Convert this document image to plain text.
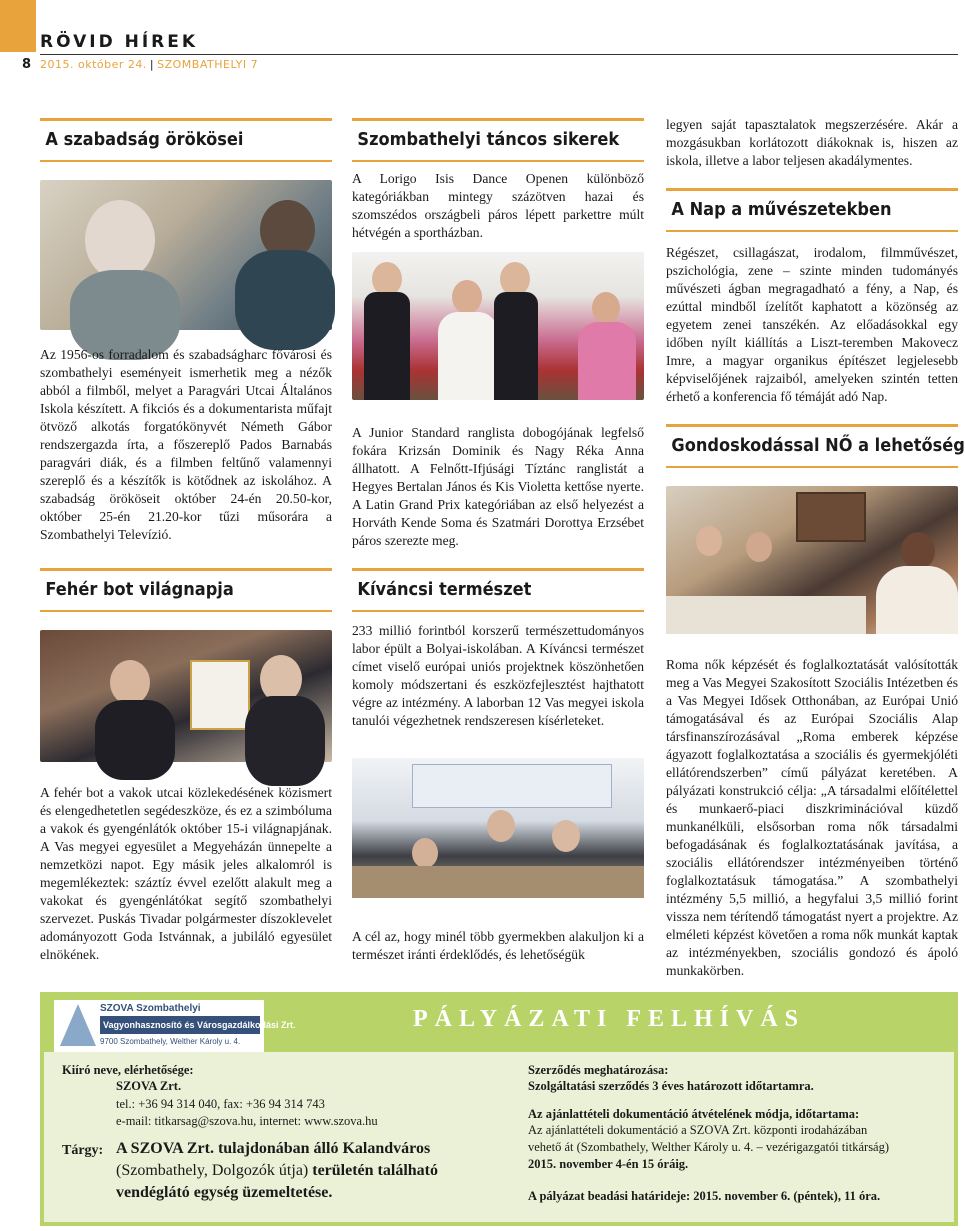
RÖVID HÍREK
8 2015. október 24. | SZOMBATHELYI 7
A szabadság örökösei
Az 1956-os forradalom és szabadságharc fővárosi és szombathelyi eseményeit ismerhetik meg a nézők abból a filmből, melyet a Paragvári Utcai Általános Iskola készített. A fikciós és a dokumentarista műfajt ötvöző alkotás forgatókönyvét Németh Gábor rendszergazda írta, a főszereplő Pados Barnabás paragvári diák, és a filmben feltűnő valamennyi szereplő és a készítők is kötődnek az iskolához. A szabadság örököseit október 24-én 20.50-kor, október 25-én 21.20-kor tűzi műsorára a Szombathelyi Televízió.
Fehér bot világnapja
A fehér bot a vakok utcai közlekedésének közismert és elengedhetetlen segédeszköze, és ez a szimbóluma a vakok és gyengénlátók október 15-i világnapjának. A Vas megyei egyesület a Megyeházán ünnepelte a nemzetközi napot. Egy másik jeles alkalomról is megemlékeztek: száztíz évvel ezelőtt alakult meg a vakokat és gyengénlátókat segítő szombathelyi szervezet. Puskás Tivadar polgármester díszoklevelet adományozott Goda Istvánnak, a jubiláló egyesület elnökének.
Szombathelyi táncos sikerek
A Lorigo Isis Dance Openen különböző kategóriákban mintegy százötven hazai és szomszédos országbeli páros lépett parkettre múlt hétvégén a sportházban.
A Junior Standard ranglista dobogójának legfelső fokára Krizsán Dominik és Nagy Réka Anna állhatott. A Felnőtt-Ifjúsági Tíztánc ranglistát a Hegyes Bertalan János és Kis Violetta kettőse nyerte. A Latin Grand Prix kategóriában az első helyezést a Horváth Kende Soma és Szatmári Dorottya Erzsébet páros szerezte meg.
Kíváncsi természet
233 millió forintból korszerű természettudományos labor épült a Bolyai-iskolában. A Kíváncsi természet címet viselő európai uniós projektnek köszönhetően komoly módszertani és eszközfejlesztést hajthatott végre az intézmény. A laborban 12 Vas megyei iskola tanulói végezhetnek rendszeresen kísérleteket.
A cél az, hogy minél több gyermekben alakuljon ki a természet iránti érdeklődés, és lehetőségük
legyen saját tapasztalatok megszerzésére. Akár a mozgásukban korlátozott diákoknak is, hiszen az iskola, illetve a labor teljesen akadálymentes.
A Nap a művészetekben
Régészet, csillagászat, irodalom, filmművészet, pszichológia, zene – szinte minden tudományés művészeti ágban megragadható a fény, a Nap, és ezúttal mindből ízelítőt kaphatott a közönség az egyetem zenei tanszékén. Az előadásokkal egy időben nyílt kiállítás a Liszt-teremben Makovecz Imre, a magyar organikus építészet legjelesebb képviselőjének rajzaiból, amelyeken szintén tetten érhető a konferencia fő témáját adó Nap.
Gondoskodással NŐ a lehetőség
Roma nők képzését és foglalkoztatását valósították meg a Vas Megyei Szakosított Szociális Intézetben és a Vas Megyei Idősek Otthonában, az Európai Unió támogatásával és az Európai Szociális Alap társfinanszírozásával „Roma emberek képzése ágyazott foglalkoztatása a szociális és gyermekjóléti ellátórendszerben” című pályázat keretében. A pályázati konstrukció célja: „A társadalmi előítélettel és munkaerő-piaci diszkriminációval küzdő munkanélküli, elsősorban roma nők társadalmi befogadásának és foglalkoztatásának javítása, a szociális ellátórendszer intézményeiben történő foglalkoztatásuk támogatása.” A szombathelyi intézmény 5,5 millió, a hegyfalui 3,5 millió forint vissza nem térítendő támogatást nyert a projektre. Az elméleti képzést követően a roma nők munkát kaptak az intézményekben, szociális gondozó és ápoló munkakörben.
SZOVA Szombathelyi
Vagyonhasznosító és Városgazdálkodási Zrt.
9700 Szombathely, Welther Károly u. 4.
PÁLYÁZATI FELHÍVÁS
Kiíró neve, elérhetősége:
SZOVA Zrt.
tel.: +36 94 314 040, fax: +36 94 314 743
e-mail: titkarsag@szova.hu, internet: www.szova.hu
Tárgy: A SZOVA Zrt. tulajdonában álló Kalandváros
(Szombathely, Dolgozók útja) területén található
vendéglátó egység üzemeltetése.
Szerződés meghatározása:
Szolgáltatási szerződés 3 éves határozott időtartamra.
Az ajánlattételi dokumentáció átvételének módja, időtartama:
Az ajánlattételi dokumentáció a SZOVA Zrt. központi irodaházában
vehető át (Szombathely, Welther Károly u. 4. – vezérigazgatói titkárság)
2015. november 4-én 15 óráig.
A pályázat beadási határideje: 2015. november 6. (péntek), 11 óra.
